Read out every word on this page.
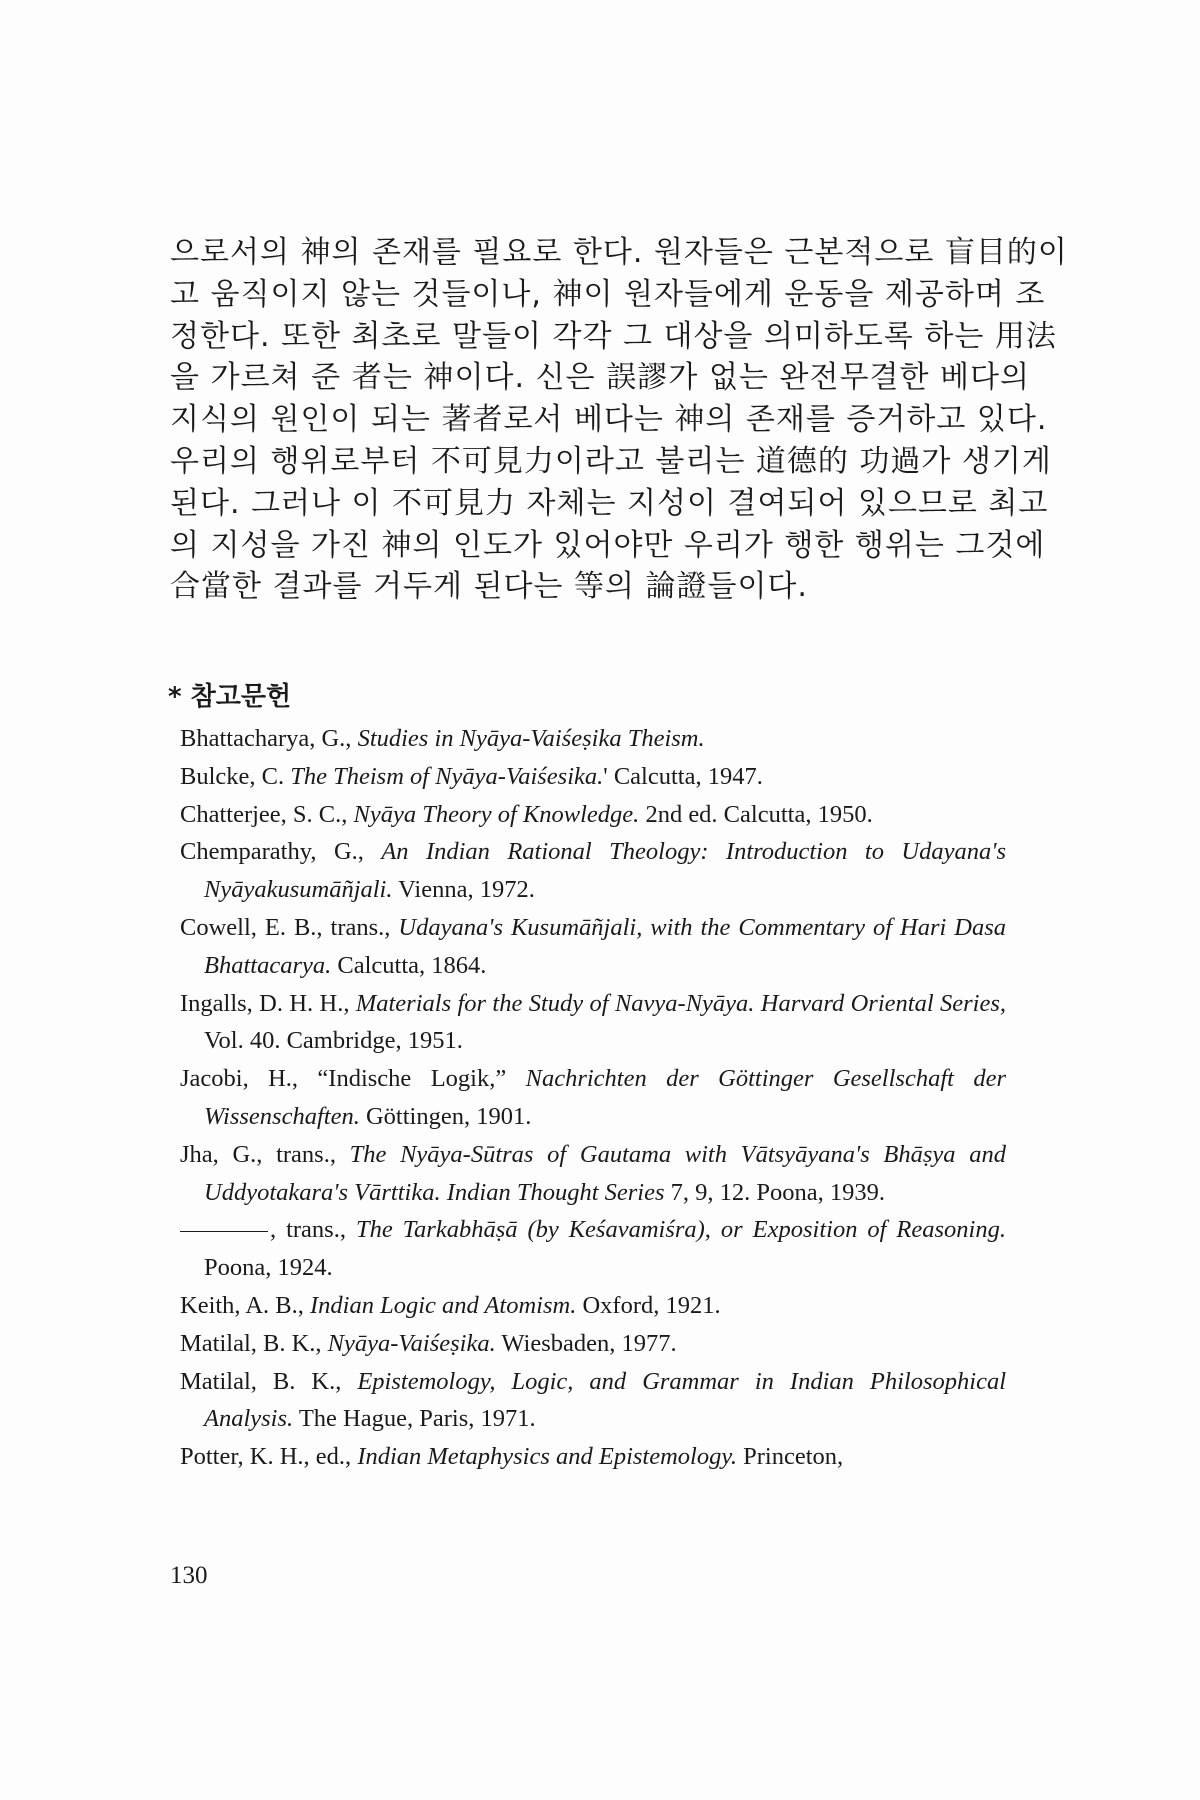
으로서의 神의 존재를 필요로 한다. 원자들은 근본적으로 盲目的이
고 움직이지 않는 것들이나, 神이 원자들에게 운동을 제공하며 조
정한다. 또한 최초로 말들이 각각 그 대상을 의미하도록 하는 用法
을 가르쳐 준 者는 神이다. 신은 誤謬가 없는 완전무결한 베다의
지식의 원인이 되는 著者로서 베다는 神의 존재를 증거하고 있다.
우리의 행위로부터 不可見力이라고 불리는 道德的 功過가 생기게
된다. 그러나 이 不可見力 자체는 지성이 결여되어 있으므로 최고
의 지성을 가진 神의 인도가 있어야만 우리가 행한 행위는 그것에
合當한 결과를 거두게 된다는 等의 論證들이다.
* 참고문헌
Bhattacharya, G., Studies in Nyāya-Vaiśeṣika Theism.
Bulcke, C. The Theism of Nyāya-Vaiśesika.' Calcutta, 1947.
Chatterjee, S. C., Nyāya Theory of Knowledge. 2nd ed. Calcutta, 1950.
Chemparathy, G., An Indian Rational Theology: Introduction to Udayana's Nyāyakusumāñjali. Vienna, 1972.
Cowell, E. B., trans., Udayana's Kusumāñjali, with the Commentary of Hari Dasa Bhattacarya. Calcutta, 1864.
Ingalls, D. H. H., Materials for the Study of Navya-Nyāya. Harvard Oriental Series, Vol. 40. Cambridge, 1951.
Jacobi, H., “Indische Logik,” Nachrichten der Göttinger Gesellschaft der Wissenschaften. Göttingen, 1901.
Jha, G., trans., The Nyāya-Sūtras of Gautama with Vātsyāyana's Bhāṣya and Uddyotakara's Vārttika. Indian Thought Series 7, 9, 12. Poona, 1939.
, trans., The Tarkabhāṣā (by Keśavamiśra), or Exposition of Reasoning. Poona, 1924.
Keith, A. B., Indian Logic and Atomism. Oxford, 1921.
Matilal, B. K., Nyāya-Vaiśeṣika. Wiesbaden, 1977.
Matilal, B. K., Epistemology, Logic, and Grammar in Indian Philosophical Analysis. The Hague, Paris, 1971.
Potter, K. H., ed., Indian Metaphysics and Epistemology. Princeton,
130
